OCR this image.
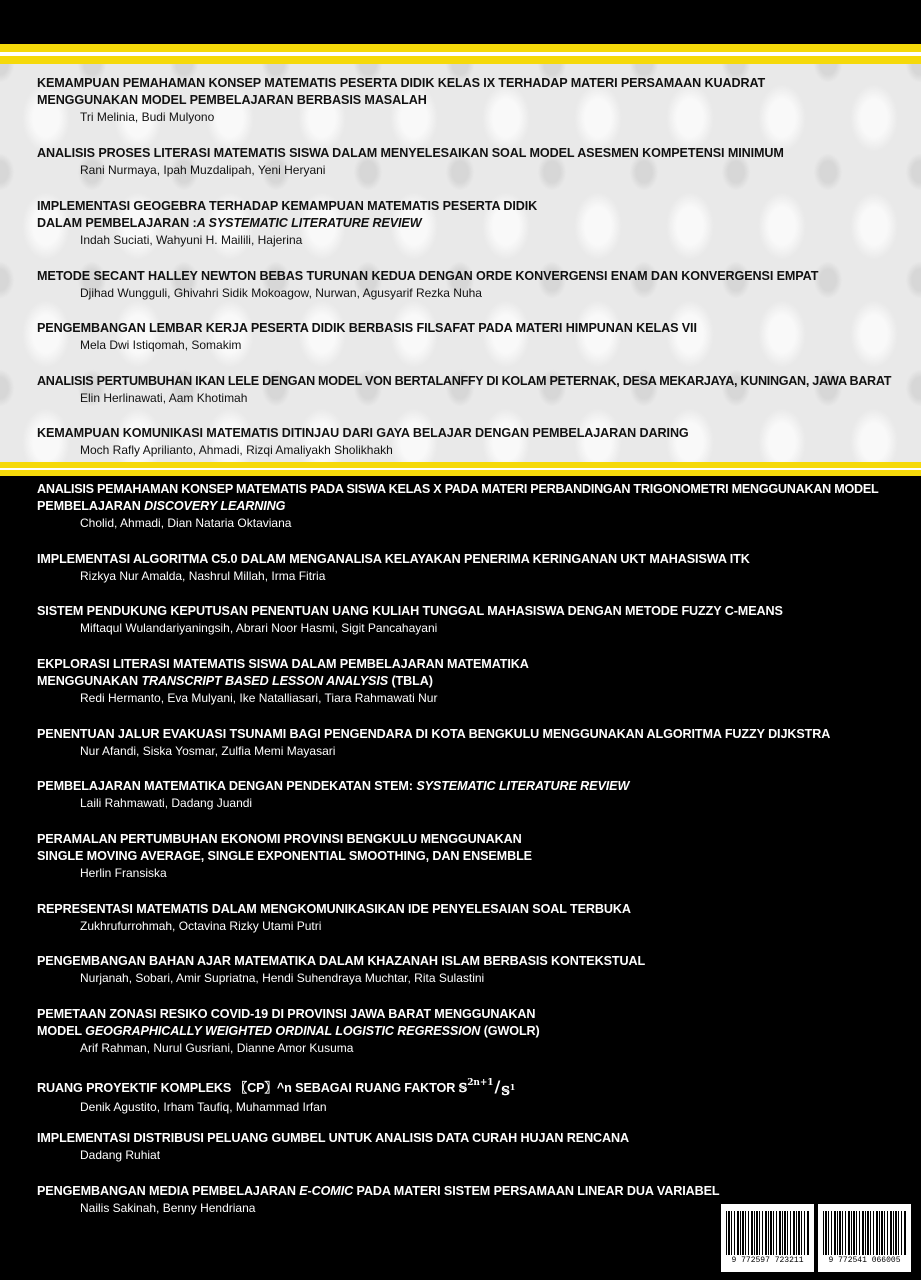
KEMAMPUAN PEMAHAMAN KONSEP MATEMATIS PESERTA DIDIK KELAS IX TERHADAP MATERI PERSAMAAN KUADRAT
MENGGUNAKAN MODEL PEMBELAJARAN BERBASIS MASALAH
Tri Melinia, Budi Mulyono
ANALISIS PROSES LITERASI MATEMATIS SISWA DALAM MENYELESAIKAN SOAL MODEL ASESMEN KOMPETENSI MINIMUM
Rani Nurmaya, Ipah Muzdalipah, Yeni Heryani
IMPLEMENTASI GEOGEBRA TERHADAP KEMAMPUAN MATEMATIS PESERTA DIDIK
DALAM PEMBELAJARAN :A SYSTEMATIC LITERATURE REVIEW
Indah Suciati, Wahyuni H. Mailili, Hajerina
METODE SECANT HALLEY NEWTON BEBAS TURUNAN KEDUA DENGAN ORDE KONVERGENSI ENAM DAN KONVERGENSI EMPAT
Djihad Wungguli, Ghivahri Sidik Mokoagow, Nurwan, Agusyarif Rezka Nuha
PENGEMBANGAN LEMBAR KERJA PESERTA DIDIK BERBASIS FILSAFAT PADA MATERI HIMPUNAN KELAS VII
Mela Dwi Istiqomah, Somakim
ANALISIS PERTUMBUHAN IKAN LELE DENGAN MODEL VON BERTALANFFY DI KOLAM PETERNAK, DESA MEKARJAYA, KUNINGAN, JAWA BARAT
Elin Herlinawati, Aam Khotimah
KEMAMPUAN KOMUNIKASI MATEMATIS DITINJAU DARI GAYA BELAJAR DENGAN PEMBELAJARAN DARING
Moch Rafly Aprilianto, Ahmadi, Rizqi Amaliyakh Sholikhakh
ANALISIS PEMAHAMAN KONSEP MATEMATIS PADA SISWA KELAS X PADA MATERI PERBANDINGAN TRIGONOMETRI MENGGUNAKAN MODEL
PEMBELAJARAN DISCOVERY LEARNING
Cholid, Ahmadi, Dian Nataria Oktaviana
IMPLEMENTASI ALGORITMA C5.0 DALAM MENGANALISA KELAYAKAN PENERIMA KERINGANAN UKT MAHASISWA ITK
Rizkya Nur Amalda, Nashrul Millah, Irma Fitria
SISTEM PENDUKUNG KEPUTUSAN PENENTUAN UANG KULIAH TUNGGAL MAHASISWA DENGAN METODE FUZZY C-MEANS
Miftaqul Wulandariyaningsih, Abrari Noor Hasmi, Sigit Pancahayani
EKPLORASI LITERASI MATEMATIS SISWA DALAM PEMBELAJARAN MATEMATIKA
MENGGUNAKAN TRANSCRIPT BASED LESSON ANALYSIS (TBLA)
Redi Hermanto, Eva Mulyani, Ike Natalliasari, Tiara Rahmawati Nur
PENENTUAN JALUR EVAKUASI TSUNAMI BAGI PENGENDARA DI KOTA BENGKULU MENGGUNAKAN ALGORITMA FUZZY DIJKSTRA
Nur Afandi, Siska Yosmar, Zulfia Memi Mayasari
PEMBELAJARAN MATEMATIKA DENGAN PENDEKATAN STEM: SYSTEMATIC LITERATURE REVIEW
Laili Rahmawati, Dadang Juandi
PERAMALAN PERTUMBUHAN EKONOMI PROVINSI BENGKULU MENGGUNAKAN
SINGLE MOVING AVERAGE, SINGLE EXPONENTIAL SMOOTHING, DAN ENSEMBLE
Herlin Fransiska
REPRESENTASI MATEMATIS DALAM MENGKOMUNIKASIKAN IDE PENYELESAIAN SOAL TERBUKA
Zukhrufurrohmah, Octavina Rizky Utami Putri
PENGEMBANGAN BAHAN AJAR MATEMATIKA DALAM KHAZANAH ISLAM BERBASIS KONTEKSTUAL
Nurjanah, Sobari, Amir Supriatna, Hendi Suhendraya Muchtar, Rita Sulastini
PEMETAAN ZONASI RESIKO COVID-19 DI PROVINSI JAWA BARAT MENGGUNAKAN
MODEL GEOGRAPHICALLY WEIGHTED ORDINAL LOGISTIC REGRESSION (GWOLR)
Arif Rahman, Nurul Gusriani, Dianne Amor Kusuma
RUANG PROYEKTIF KOMPLEKS 〖CP〗^n SEBAGAI RUANG FAKTOR 𝕊$^{2n+1}$/𝕊1
Denik Agustito, Irham Taufiq, Muhammad Irfan
IMPLEMENTASI DISTRIBUSI PELUANG GUMBEL UNTUK ANALISIS DATA CURAH HUJAN RENCANA
Dadang Ruhiat
PENGEMBANGAN MEDIA PEMBELAJARAN E-COMIC PADA MATERI SISTEM PERSAMAAN LINEAR DUA VARIABEL
Nailis Sakinah, Benny Hendriana
9 772597 723211	9 772541 066005
